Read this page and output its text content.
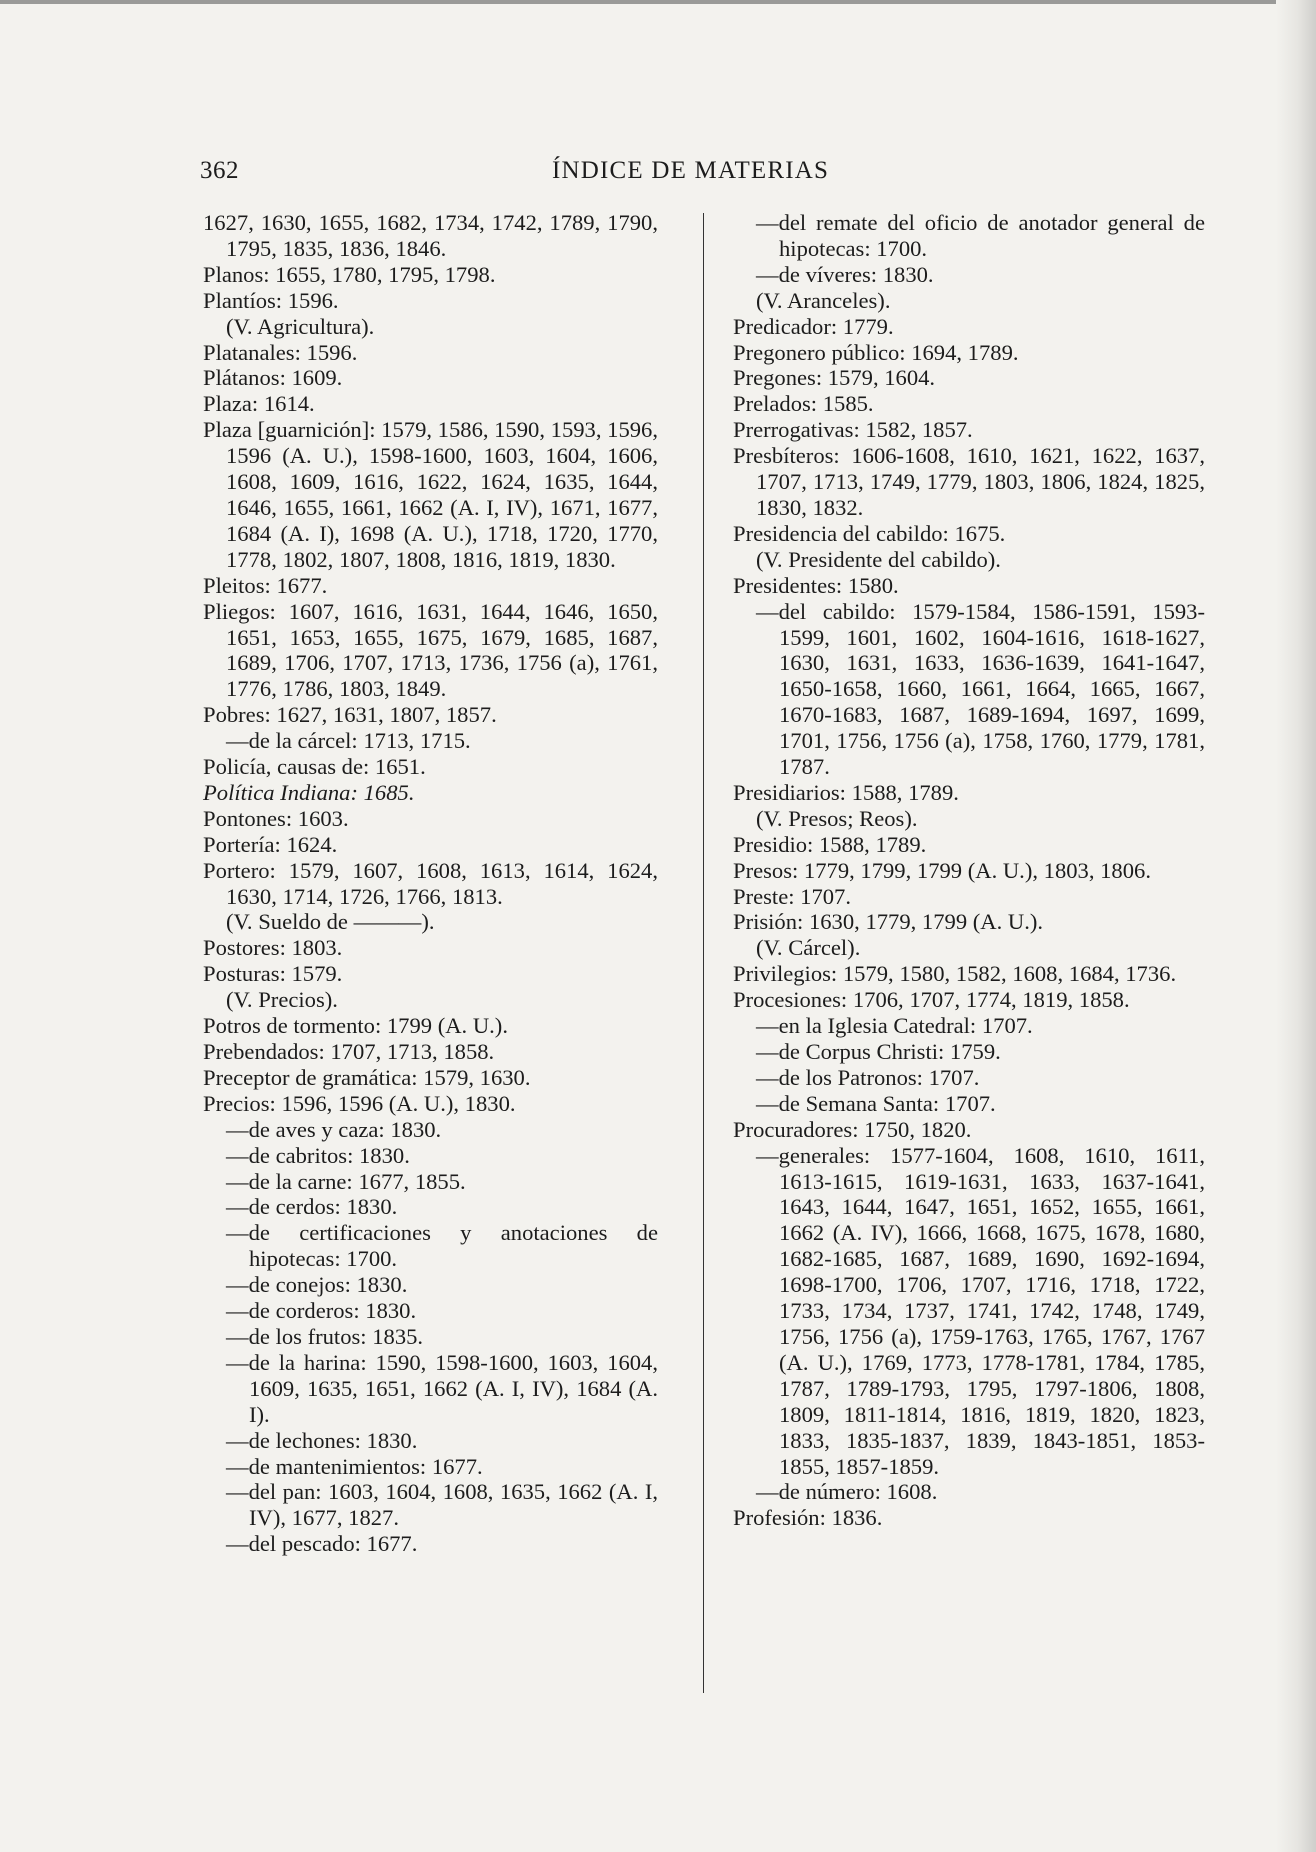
362	ÍNDICE DE MATERIAS
1627, 1630, 1655, 1682, 1734, 1742, 1789, 1790, 1795, 1835, 1836, 1846.
Planos: 1655, 1780, 1795, 1798.
Plantíos: 1596.
(V. Agricultura).
Platanales: 1596.
Plátanos: 1609.
Plaza: 1614.
Plaza [guarnición]: 1579, 1586, 1590, 1593, 1596, 1596 (A. U.), 1598-1600, 1603, 1604, 1606, 1608, 1609, 1616, 1622, 1624, 1635, 1644, 1646, 1655, 1661, 1662 (A. I, IV), 1671, 1677, 1684 (A. I), 1698 (A. U.), 1718, 1720, 1770, 1778, 1802, 1807, 1808, 1816, 1819, 1830.
Pleitos: 1677.
Pliegos: 1607, 1616, 1631, 1644, 1646, 1650, 1651, 1653, 1655, 1675, 1679, 1685, 1687, 1689, 1706, 1707, 1713, 1736, 1756 (a), 1761, 1776, 1786, 1803, 1849.
Pobres: 1627, 1631, 1807, 1857.
—de la cárcel: 1713, 1715.
Policía, causas de: 1651.
Política Indiana: 1685.
Pontones: 1603.
Portería: 1624.
Portero: 1579, 1607, 1608, 1613, 1614, 1624, 1630, 1714, 1726, 1766, 1813.
(V. Sueldo de ———).
Postores: 1803.
Posturas: 1579.
(V. Precios).
Potros de tormento: 1799 (A. U.).
Prebendados: 1707, 1713, 1858.
Preceptor de gramática: 1579, 1630.
Precios: 1596, 1596 (A. U.), 1830.
—de aves y caza: 1830.
—de cabritos: 1830.
—de la carne: 1677, 1855.
—de cerdos: 1830.
—de certificaciones y anotaciones de hipotecas: 1700.
—de conejos: 1830.
—de corderos: 1830.
—de los frutos: 1835.
—de la harina: 1590, 1598-1600, 1603, 1604, 1609, 1635, 1651, 1662 (A. I, IV), 1684 (A. I).
—de lechones: 1830.
—de mantenimientos: 1677.
—del pan: 1603, 1604, 1608, 1635, 1662 (A. I, IV), 1677, 1827.
—del pescado: 1677.
—del remate del oficio de anotador general de hipotecas: 1700.
—de víveres: 1830.
(V. Aranceles).
Predicador: 1779.
Pregonero público: 1694, 1789.
Pregones: 1579, 1604.
Prelados: 1585.
Prerrogativas: 1582, 1857.
Presbíteros: 1606-1608, 1610, 1621, 1622, 1637, 1707, 1713, 1749, 1779, 1803, 1806, 1824, 1825, 1830, 1832.
Presidencia del cabildo: 1675.
(V. Presidente del cabildo).
Presidentes: 1580.
—del cabildo: 1579-1584, 1586-1591, 1593-1599, 1601, 1602, 1604-1616, 1618-1627, 1630, 1631, 1633, 1636-1639, 1641-1647, 1650-1658, 1660, 1661, 1664, 1665, 1667, 1670-1683, 1687, 1689-1694, 1697, 1699, 1701, 1756, 1756 (a), 1758, 1760, 1779, 1781, 1787.
Presidiarios: 1588, 1789.
(V. Presos; Reos).
Presidio: 1588, 1789.
Presos: 1779, 1799, 1799 (A. U.), 1803, 1806.
Preste: 1707.
Prisión: 1630, 1779, 1799 (A. U.).
(V. Cárcel).
Privilegios: 1579, 1580, 1582, 1608, 1684, 1736.
Procesiones: 1706, 1707, 1774, 1819, 1858.
—en la Iglesia Catedral: 1707.
—de Corpus Christi: 1759.
—de los Patronos: 1707.
—de Semana Santa: 1707.
Procuradores: 1750, 1820.
—generales: 1577-1604, 1608, 1610, 1611, 1613-1615, 1619-1631, 1633, 1637-1641, 1643, 1644, 1647, 1651, 1652, 1655, 1661, 1662 (A. IV), 1666, 1668, 1675, 1678, 1680, 1682-1685, 1687, 1689, 1690, 1692-1694, 1698-1700, 1706, 1707, 1716, 1718, 1722, 1733, 1734, 1737, 1741, 1742, 1748, 1749, 1756, 1756 (a), 1759-1763, 1765, 1767, 1767 (A. U.), 1769, 1773, 1778-1781, 1784, 1785, 1787, 1789-1793, 1795, 1797-1806, 1808, 1809, 1811-1814, 1816, 1819, 1820, 1823, 1833, 1835-1837, 1839, 1843-1851, 1853-1855, 1857-1859.
—de número: 1608.
Profesión: 1836.
